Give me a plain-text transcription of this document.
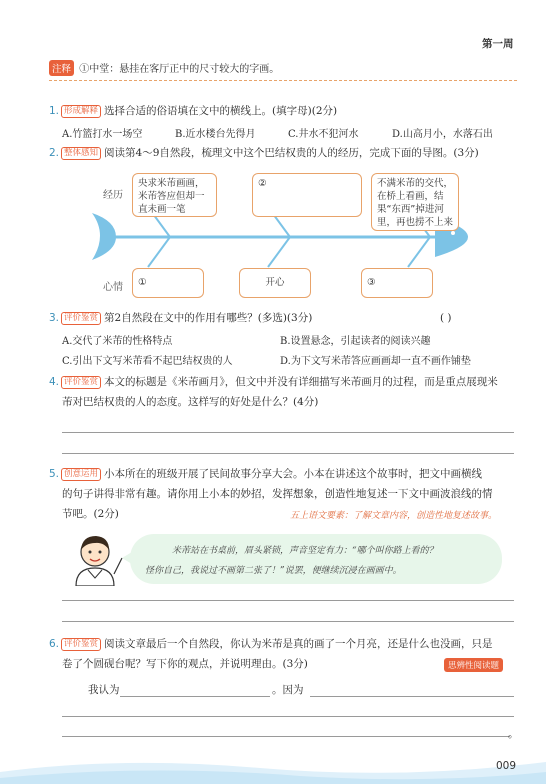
第一周
注释 ①中堂：悬挂在客厅正中的尺寸较大的字画。
1. 形成解释 选择合适的俗语填在文中的横线上。(填字母)(2分)
A.竹篮打水一场空	B.近水楼台先得月	C.井水不犯河水	D.山高月小，水落石出
2. 整体感知 阅读第4～9自然段，梳理文中这个巴结权贵的人的经历，完成下面的导图。(3分)
经历
心情
央求米芾画画，米芾答应但却一直未画一笔
②	不满米芾的交代，在桥上看画，结果“东西”掉进河里，再也捞不上来
①	开心	③
3. 评价鉴赏 第2自然段在文中的作用有哪些？(多选)(3分)	( )
A.交代了米芾的性格特点	B.设置悬念，引起读者的阅读兴趣
C.引出下文写米芾看不起巴结权贵的人	D.为下文写米芾答应画画却一直不画作铺垫
4. 评价鉴赏 本文的标题是《米芾画月》，但文中并没有详细描写米芾画月的过程，而是重点展现米
芾对巴结权贵的人的态度。这样写的好处是什么？(4分)
5. 创意运用 小本所在的班级开展了民间故事分享大会。小本在讲述这个故事时，把文中画横线
的句子讲得非常有趣。请你用上小本的妙招，发挥想象，创造性地复述一下文中画波浪线的情
节吧。(2分)	五上语文要素：了解文章内容，创造性地复述故事。
米芾站在书桌前，眉头紧锁，声音坚定有力：“哪个叫你路上看的？
怪你自己，我说过不画第二张了！”说罢，便继续沉浸在画画中。
6. 评价鉴赏 阅读文章最后一个自然段，你认为米芾是真的画了一个月亮，还是什么也没画，只是
卷了个圆砚台呢？写下你的观点，并说明理由。(3分)	思辨性阅读题
我认为	。因为
。
009
